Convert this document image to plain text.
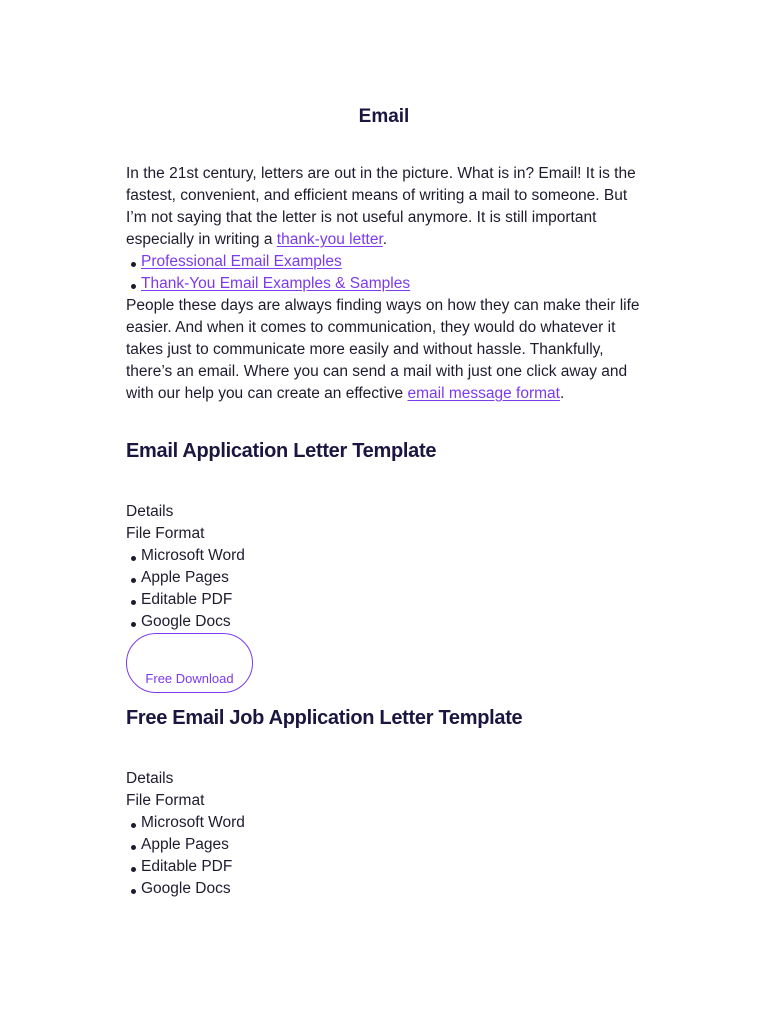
Email

In the 21st century, letters are out in the picture. What is in? Email! It is the fastest, convenient, and efficient means of writing a mail to someone. But I’m not saying that the letter is not useful anymore. It is still important especially in writing a thank-you letter.

Professional Email Examples
Thank-You Email Examples & Samples

People these days are always finding ways on how they can make their life easier. And when it comes to communication, they would do whatever it takes just to communicate more easily and without hassle. Thankfully, there’s an email. Where you can send a mail with just one click away and with our help you can create an effective email message format.

Email Application Letter Template

Details

File Format

Microsoft Word
Apple Pages
Editable PDF
Google Docs
Free Download
Free Email Job Application Letter Template

Details

File Format

Microsoft Word
Apple Pages
Editable PDF
Google Docs
